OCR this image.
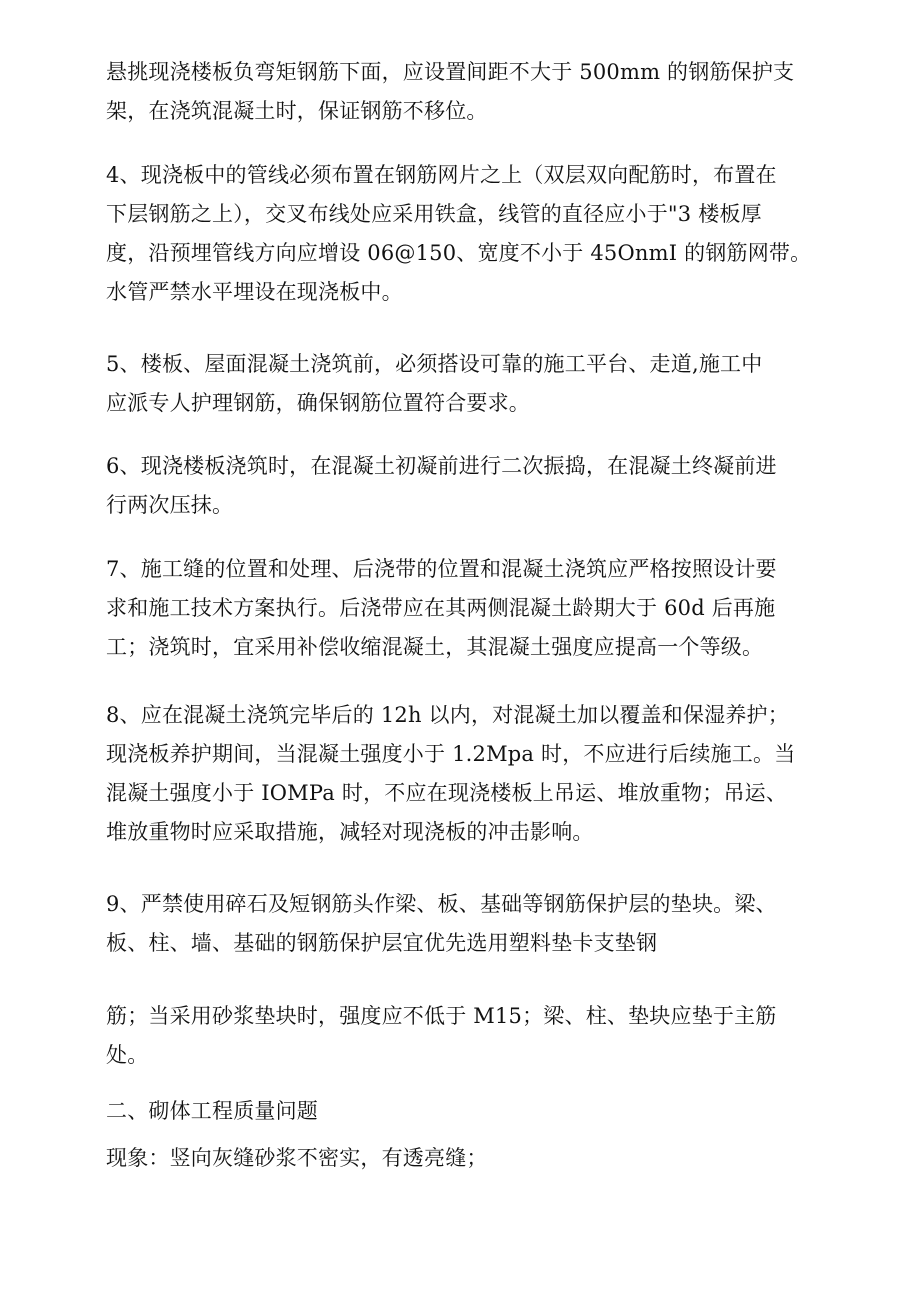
悬挑现浇楼板负弯矩钢筋下面，应设置间距不大于 500mm 的钢筋保护支
架，在浇筑混凝土时，保证钢筋不移位。
4、现浇板中的管线必须布置在钢筋网片之上（双层双向配筋时，布置在
下层钢筋之上），交叉布线处应采用铁盒，线管的直径应小于"3 楼板厚
度，沿预埋管线方向应增设 06@150、宽度不小于 45OnmI 的钢筋网带。
水管严禁水平埋设在现浇板中。
5、楼板、屋面混凝土浇筑前，必须搭设可靠的施工平台、走道,施工中
应派专人护理钢筋，确保钢筋位置符合要求。
6、现浇楼板浇筑时，在混凝土初凝前进行二次振捣，在混凝土终凝前进
行两次压抹。
7、施工缝的位置和处理、后浇带的位置和混凝土浇筑应严格按照设计要
求和施工技术方案执行。后浇带应在其两侧混凝土龄期大于 60d 后再施
工；浇筑时，宜采用补偿收缩混凝土，其混凝土强度应提高一个等级。
8、应在混凝土浇筑完毕后的 12h 以内，对混凝土加以覆盖和保湿养护；
现浇板养护期间，当混凝土强度小于 1.2Mpa 时，不应进行后续施工。当
混凝土强度小于 IOMPa 时，不应在现浇楼板上吊运、堆放重物；吊运、
堆放重物时应采取措施，减轻对现浇板的冲击影响。
9、严禁使用碎石及短钢筋头作梁、板、基础等钢筋保护层的垫块。梁、
板、柱、墙、基础的钢筋保护层宜优先选用塑料垫卡支垫钢
筋；当采用砂浆垫块时，强度应不低于 M15；梁、柱、垫块应垫于主筋
处。
二、砌体工程质量问题
现象：竖向灰缝砂浆不密实，有透亮缝；
